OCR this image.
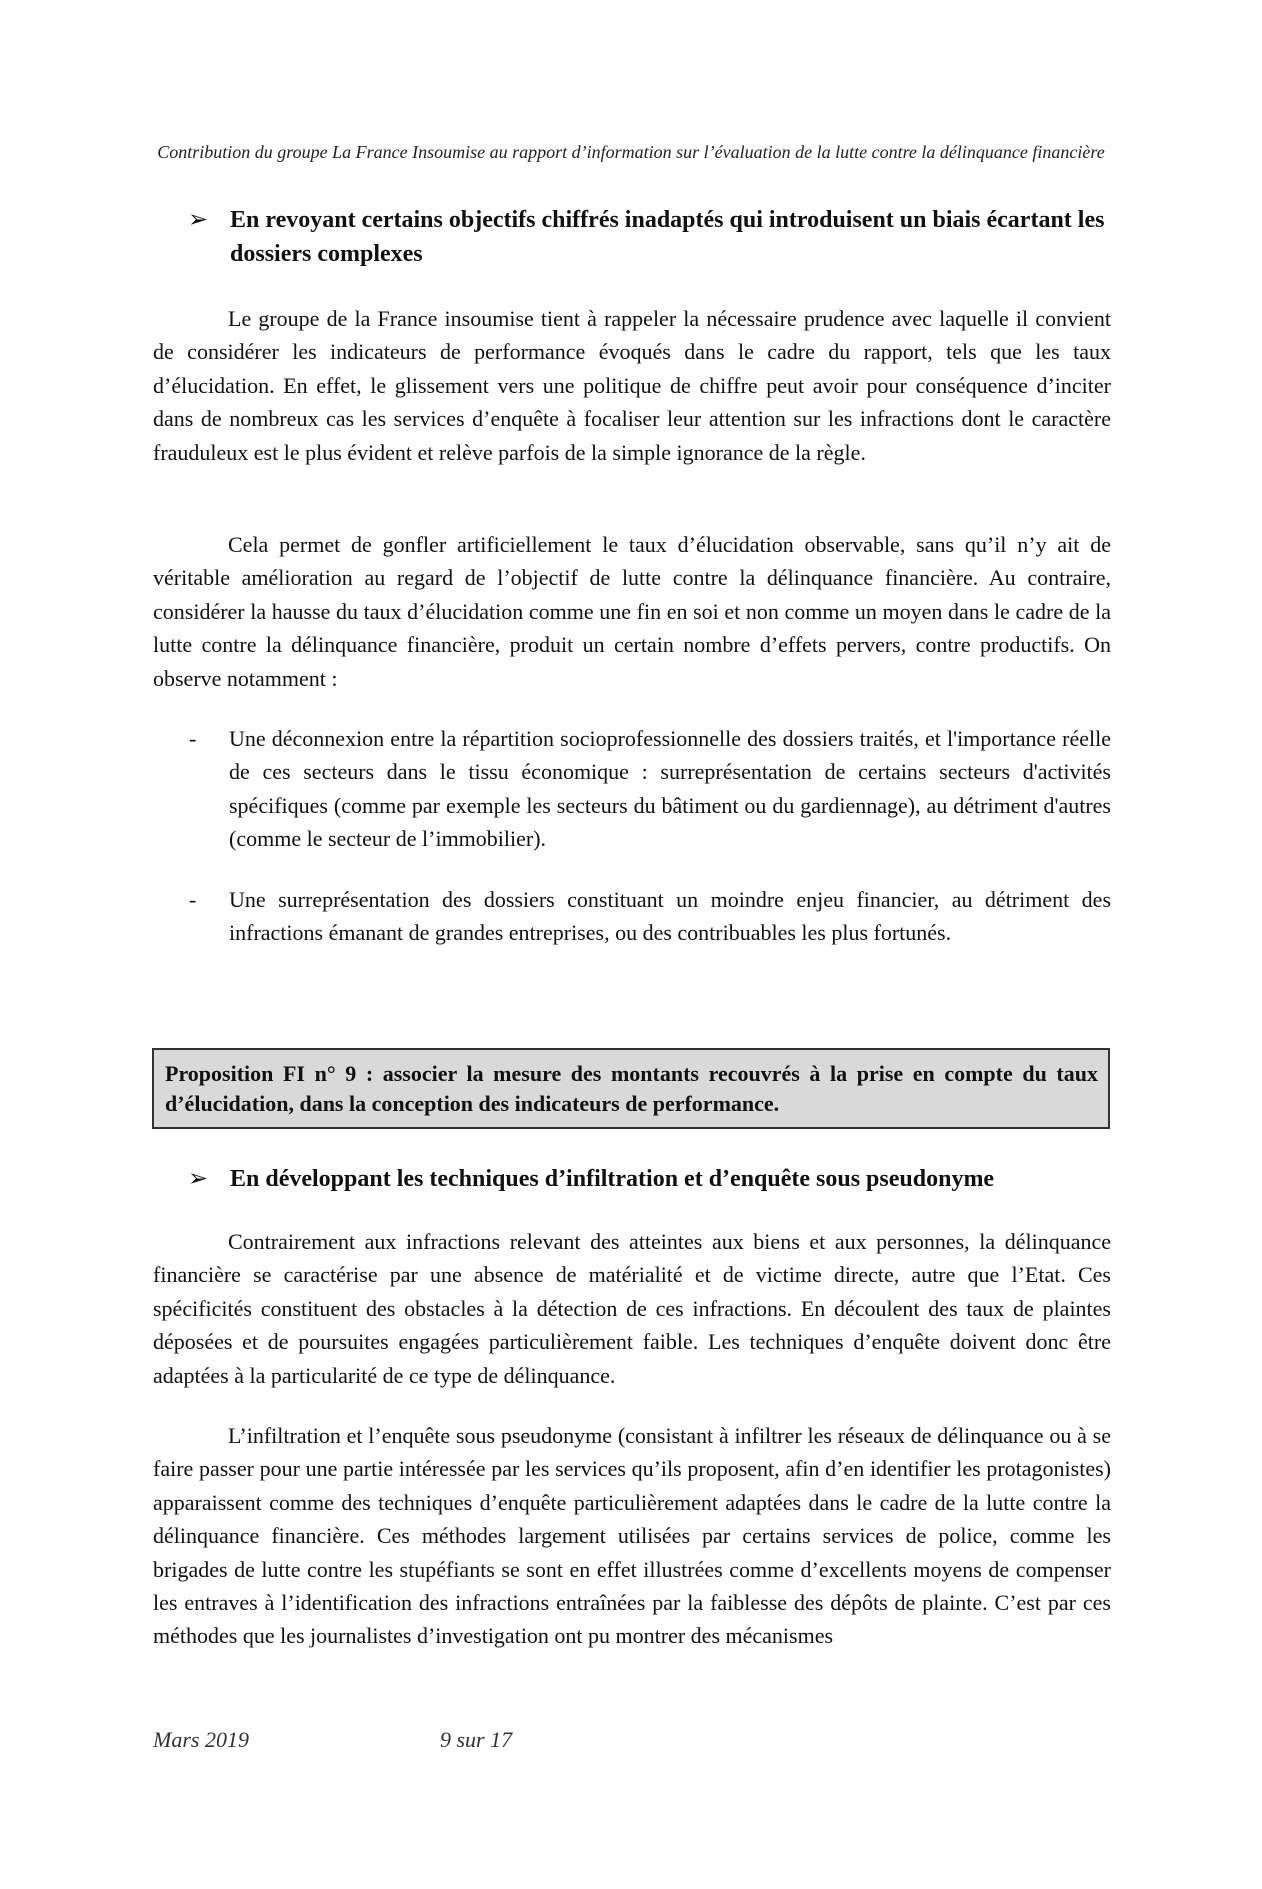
Contribution du groupe La France Insoumise au rapport d’information sur l’évaluation de la lutte contre la délinquance financière
➢ En revoyant certains objectifs chiffrés inadaptés qui introduisent un biais écartant les dossiers complexes

Le groupe de la France insoumise tient à rappeler la nécessaire prudence avec laquelle il convient de considérer les indicateurs de performance évoqués dans le cadre du rapport, tels que les taux d’élucidation. En effet, le glissement vers une politique de chiffre peut avoir pour conséquence d’inciter dans de nombreux cas les services d’enquête à focaliser leur attention sur les infractions dont le caractère frauduleux est le plus évident et relève parfois de la simple ignorance de la règle.

Cela permet de gonfler artificiellement le taux d’élucidation observable, sans qu’il n’y ait de véritable amélioration au regard de l’objectif de lutte contre la délinquance financière. Au contraire, considérer la hausse du taux d’élucidation comme une fin en soi et non comme un moyen dans le cadre de la lutte contre la délinquance financière, produit un certain nombre d’effets pervers, contre productifs. On observe notamment :

-	Une déconnexion entre la répartition socioprofessionnelle des dossiers traités, et l'importance réelle de ces secteurs dans le tissu économique : surreprésentation de certains secteurs d'activités spécifiques (comme par exemple les secteurs du bâtiment ou du gardiennage), au détriment d'autres (comme le secteur de l’immobilier).
-	Une surreprésentation des dossiers constituant un moindre enjeu financier, au détriment des infractions émanant de grandes entreprises, ou des contribuables les plus fortunés.
Proposition FI n° 9 : associer la mesure des montants recouvrés à la prise en compte du taux d’élucidation, dans la conception des indicateurs de performance.
➢ En développant les techniques d’infiltration et d’enquête sous pseudonyme

Contrairement aux infractions relevant des atteintes aux biens et aux personnes, la délinquance financière se caractérise par une absence de matérialité et de victime directe, autre que l’Etat. Ces spécificités constituent des obstacles à la détection de ces infractions. En découlent des taux de plaintes déposées et de poursuites engagées particulièrement faible. Les techniques d’enquête doivent donc être adaptées à la particularité de ce type de délinquance.

L’infiltration et l’enquête sous pseudonyme (consistant à infiltrer les réseaux de délinquance ou à se faire passer pour une partie intéressée par les services qu’ils proposent, afin d’en identifier les protagonistes) apparaissent comme des techniques d’enquête particulièrement adaptées dans le cadre de la lutte contre la délinquance financière. Ces méthodes largement utilisées par certains services de police, comme les brigades de lutte contre les stupéfiants se sont en effet illustrées comme d’excellents moyens de compenser les entraves à l’identification des infractions entraînées par la faiblesse des dépôts de plainte. C’est par ces méthodes que les journalistes d’investigation ont pu montrer des mécanismes

Mars 2019	9 sur 17
